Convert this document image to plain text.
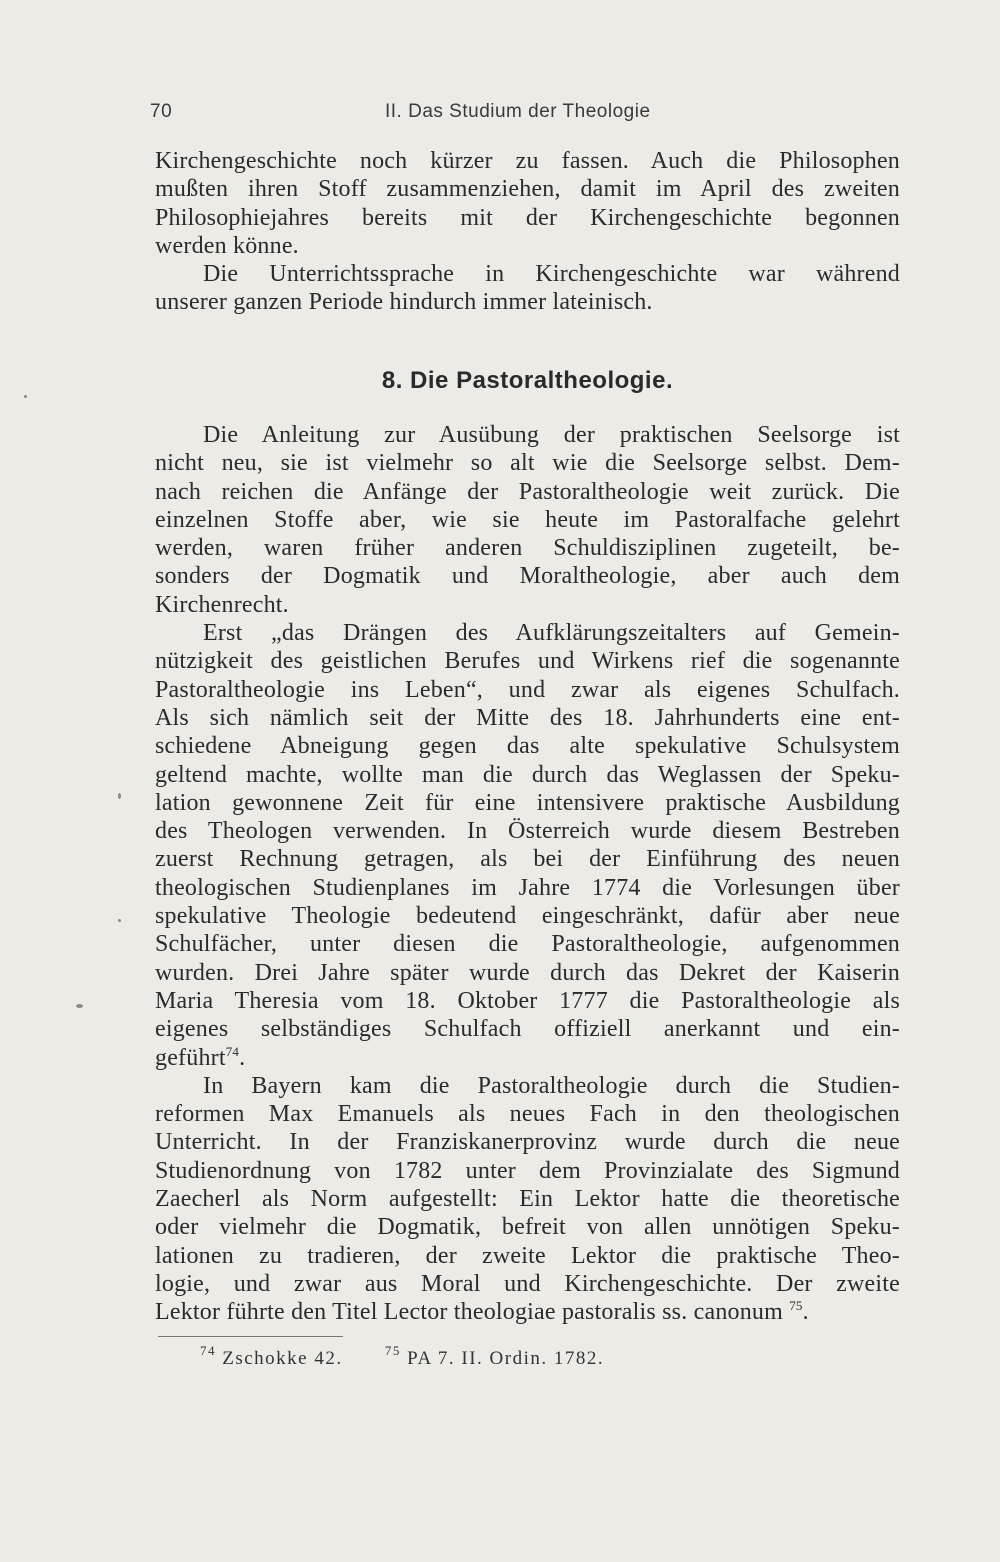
70	II. Das Studium der Theologie
Kirchengeschichte noch kürzer zu fassen. Auch die Philosophen
mußten ihren Stoff zusammenziehen, damit im April des zweiten
Philosophiejahres bereits mit der Kirchengeschichte begonnen
werden könne.
Die Unterrichtssprache in Kirchengeschichte war während
unserer ganzen Periode hindurch immer lateinisch.
8. Die Pastoraltheologie.
Die Anleitung zur Ausübung der praktischen Seelsorge ist
nicht neu, sie ist vielmehr so alt wie die Seelsorge selbst. Dem-
nach reichen die Anfänge der Pastoraltheologie weit zurück. Die
einzelnen Stoffe aber, wie sie heute im Pastoralfache gelehrt
werden, waren früher anderen Schuldisziplinen zugeteilt, be-
sonders der Dogmatik und Moraltheologie, aber auch dem
Kirchenrecht.
Erst „das Drängen des Aufklärungszeitalters auf Gemein-
nützigkeit des geistlichen Berufes und Wirkens rief die sogenannte
Pastoraltheologie ins Leben“, und zwar als eigenes Schulfach.
Als sich nämlich seit der Mitte des 18. Jahrhunderts eine ent-
schiedene Abneigung gegen das alte spekulative Schulsystem
geltend machte, wollte man die durch das Weglassen der Speku-
lation gewonnene Zeit für eine intensivere praktische Ausbildung
des Theologen verwenden. In Österreich wurde diesem Bestreben
zuerst Rechnung getragen, als bei der Einführung des neuen
theologischen Studienplanes im Jahre 1774 die Vorlesungen über
spekulative Theologie bedeutend eingeschränkt, dafür aber neue
Schulfächer, unter diesen die Pastoraltheologie, aufgenommen
wurden. Drei Jahre später wurde durch das Dekret der Kaiserin
Maria Theresia vom 18. Oktober 1777 die Pastoraltheologie als
eigenes selbständiges Schulfach offiziell anerkannt und ein-
geführt$^{74}$.
In Bayern kam die Pastoraltheologie durch die Studien-
reformen Max Emanuels als neues Fach in den theologischen
Unterricht. In der Franziskanerprovinz wurde durch die neue
Studienordnung von 1782 unter dem Provinzialate des Sigmund
Zaecherl als Norm aufgestellt: Ein Lektor hatte die theoretische
oder vielmehr die Dogmatik, befreit von allen unnötigen Speku-
lationen zu tradieren, der zweite Lektor die praktische Theo-
logie, und zwar aus Moral und Kirchengeschichte. Der zweite
Lektor führte den Titel Lector theologiae pastoralis ss. canonum $^{75}$.
$^{74}$ Zschokke 42.	$^{75}$ PA 7. II. Ordin. 1782.
